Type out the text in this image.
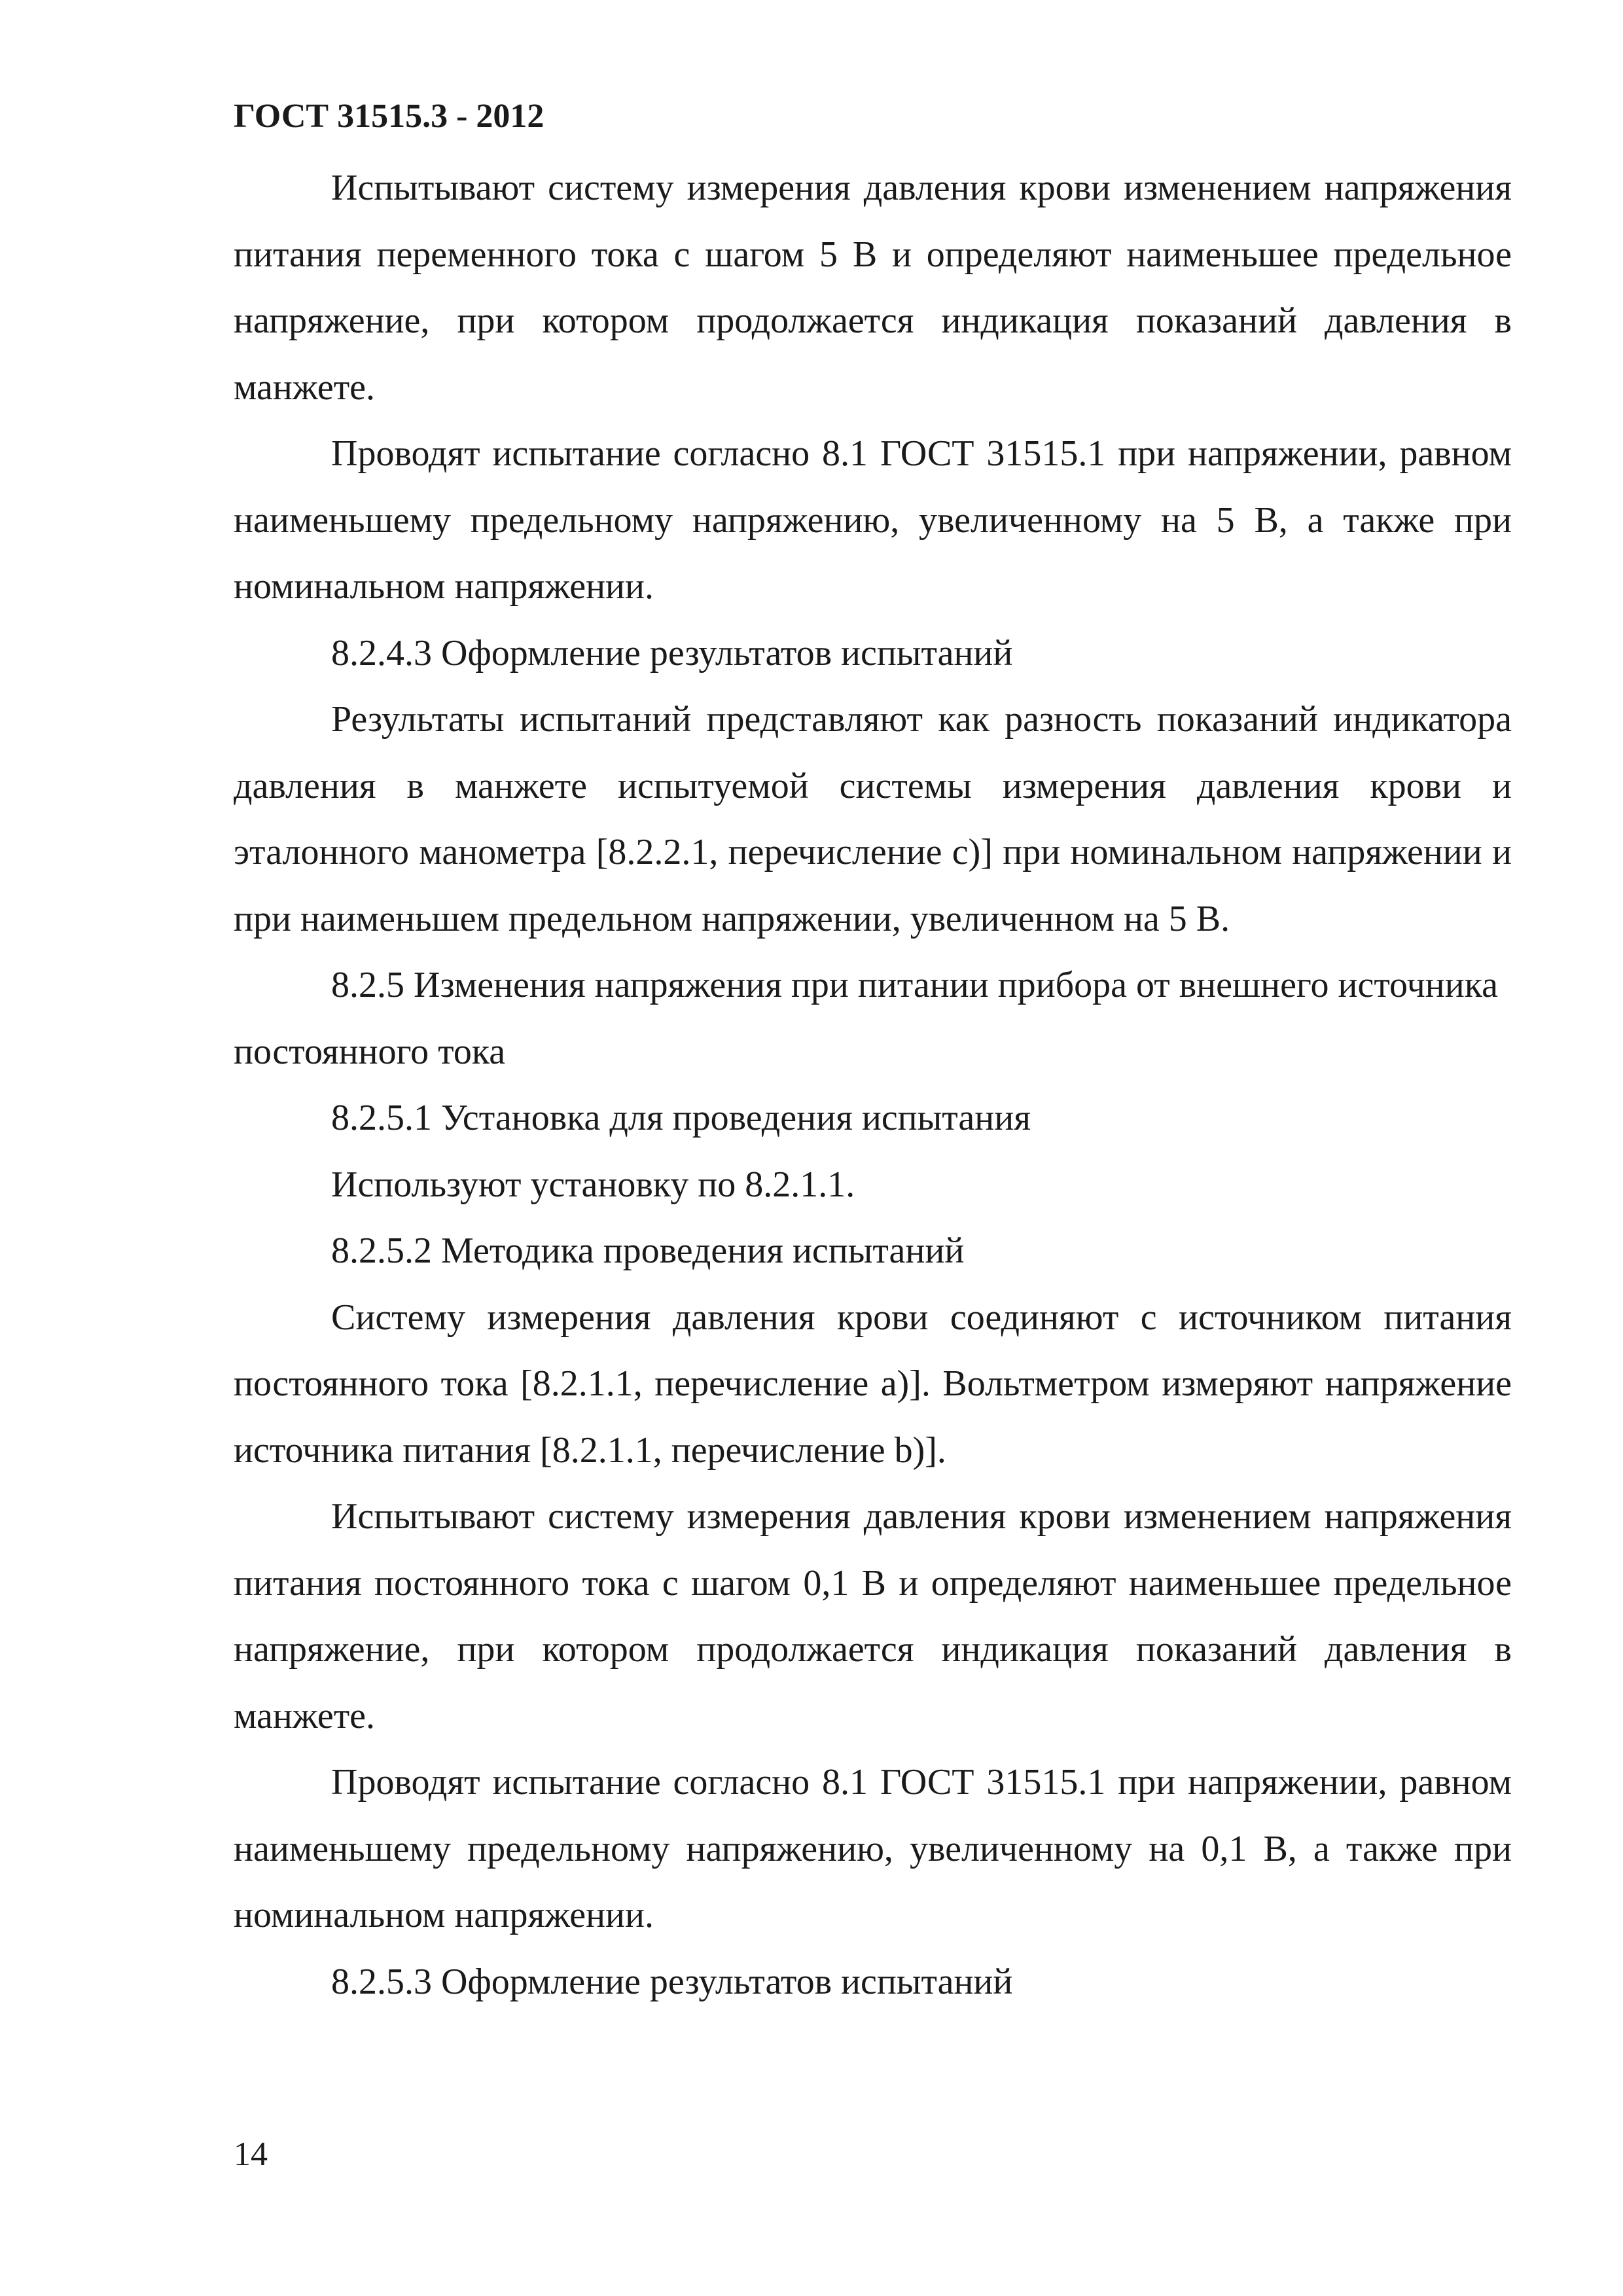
ГОСТ 31515.3 - 2012

Испытывают систему измерения давления крови изменением напряжения питания переменного тока с шагом 5 В и определяют наименьшее предельное напряжение, при котором продолжается индикация показаний давления в манжете.

Проводят испытание согласно 8.1 ГОСТ 31515.1 при напряжении, равном наименьшему предельному напряжению, увеличенному на 5 В, а также при номинальном напряжении.

8.2.4.3 Оформление результатов испытаний

Результаты испытаний представляют как разность показаний индикатора давления в манжете испытуемой системы измерения давления крови и эталонного манометра [8.2.2.1, перечисление с)] при номинальном напряжении и при наименьшем предельном напряжении, увеличенном на 5 В.

8.2.5 Изменения напряжения при питании прибора от внешнего источника постоянного тока

8.2.5.1 Установка для проведения испытания

Используют установку по 8.2.1.1.

8.2.5.2 Методика проведения испытаний

Систему измерения давления крови соединяют с источником питания постоянного тока [8.2.1.1, перечисление а)]. Вольтметром измеряют напряжение источника питания [8.2.1.1, перечисление b)].

Испытывают систему измерения давления крови изменением напряжения питания постоянного тока с шагом 0,1 В и определяют наименьшее предельное напряжение, при котором продолжается индикация показаний давления в манжете.

Проводят испытание согласно 8.1 ГОСТ 31515.1 при напряжении, равном наименьшему предельному напряжению, увеличенному на 0,1 В, а также при номинальном напряжении.

8.2.5.3 Оформление результатов испытаний

14
